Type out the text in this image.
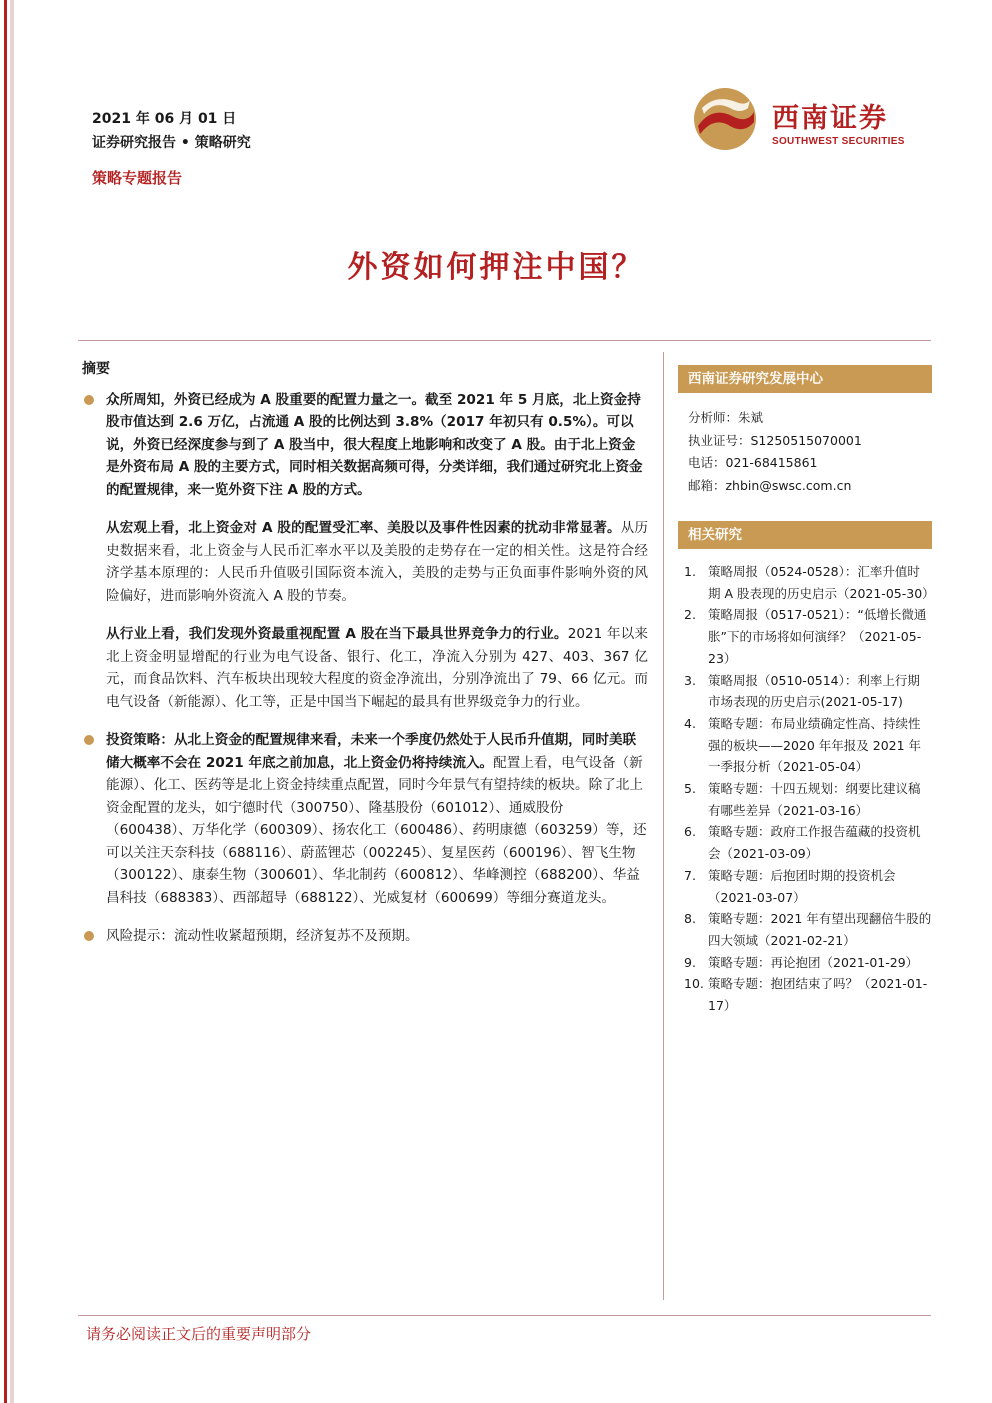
2021 年 06 月 01 日
证券研究报告 • 策略研究
策略专题报告
西南证券
SOUTHWEST SECURITIES
外资如何押注中国？
摘要
众所周知，外资已经成为 A 股重要的配置力量之一。截至 2021 年 5 月底，北上资金持股市值达到 2.6 万亿，占流通 A 股的比例达到 3.8%（2017 年初只有 0.5%）。可以说，外资已经深度参与到了 A 股当中，很大程度上地影响和改变了 A 股。由于北上资金是外资布局 A 股的主要方式，同时相关数据高频可得，分类详细，我们通过研究北上资金的配置规律，来一览外资下注 A 股的方式。
从宏观上看，北上资金对 A 股的配置受汇率、美股以及事件性因素的扰动非常显著。从历史数据来看，北上资金与人民币汇率水平以及美股的走势存在一定的相关性。这是符合经济学基本原理的：人民币升值吸引国际资本流入，美股的走势与正负面事件影响外资的风险偏好，进而影响外资流入 A 股的节奏。
从行业上看，我们发现外资最重视配置 A 股在当下最具世界竞争力的行业。2021 年以来北上资金明显增配的行业为电气设备、银行、化工，净流入分别为 427、403、367 亿元，而食品饮料、汽车板块出现较大程度的资金净流出，分别净流出了 79、66 亿元。而电气设备（新能源）、化工等，正是中国当下崛起的最具有世界级竞争力的行业。
投资策略：从北上资金的配置规律来看，未来一个季度仍然处于人民币升值期，同时美联储大概率不会在 2021 年底之前加息，北上资金仍将持续流入。配置上看，电气设备（新能源）、化工、医药等是北上资金持续重点配置，同时今年景气有望持续的板块。除了北上资金配置的龙头，如宁德时代（300750）、隆基股份（601012）、通威股份（600438）、万华化学（600309）、扬农化工（600486）、药明康德（603259）等，还可以关注天奈科技（688116）、蔚蓝锂芯（002245）、复星医药（600196）、智飞生物（300122）、康泰生物（300601）、华北制药（600812）、华峰测控（688200）、华益昌科技（688383）、西部超导（688122）、光威复材（600699）等细分赛道龙头。
风险提示：流动性收紧超预期，经济复苏不及预期。
西南证券研究发展中心
分析师：朱斌
执业证号：S1250515070001
电话：021-68415861
邮箱：zhbin@swsc.com.cn
相关研究
1. 策略周报（0524-0528）：汇率升值时期 A 股表现的历史启示（2021-05-30）
2. 策略周报（0517-0521）：“低增长微通胀”下的市场将如何演绎？（2021-05-23）
3. 策略周报（0510-0514）：利率上行期市场表现的历史启示(2021-05-17)
4. 策略专题：布局业绩确定性高、持续性强的板块——2020 年年报及 2021 年一季报分析（2021-05-04）
5. 策略专题：十四五规划：纲要比建议稿有哪些差异（2021-03-16）
6. 策略专题：政府工作报告蕴藏的投资机会（2021-03-09）
7. 策略专题：后抱团时期的投资机会（2021-03-07）
8. 策略专题：2021 年有望出现翻倍牛股的四大领域（2021-02-21）
9. 策略专题：再论抱团（2021-01-29）
10. 策略专题：抱团结束了吗？（2021-01-17）
请务必阅读正文后的重要声明部分
